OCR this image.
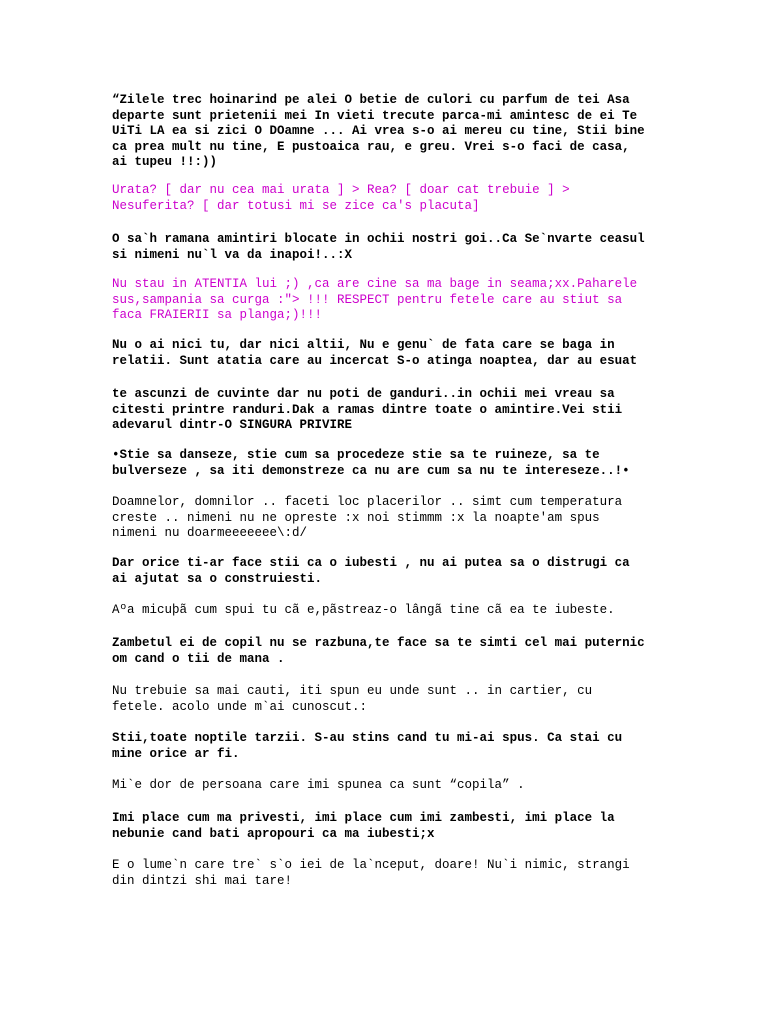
“Zilele trec hoinarind pe alei O betie de culori cu parfum de tei Asa
departe sunt prietenii mei In vieti trecute parca-mi amintesc de ei Te
UiTi LA ea si zici O DOamne ... Ai vrea s-o ai mereu cu tine, Stii bine
ca prea mult nu tine, E pustoaica rau, e greu. Vrei s-o faci de casa,
ai tupeu !!:))

Urata? [ dar nu cea mai urata ] > Rea? [ doar cat trebuie ] >
Nesuferita? [ dar totusi mi se zice ca's placuta]

O sa`h ramana amintiri blocate in ochii nostri goi..Ca Se`nvarte ceasul
si nimeni nu`l va da inapoi!..:X

Nu stau in ATENTIA lui ;) ,ca are cine sa ma bage in seama;xx.Paharele
sus,sampania sa curga :"> !!! RESPECT pentru fetele care au stiut sa
faca FRAIERII sa planga;)!!!

Nu o ai nici tu, dar nici altii, Nu e genu` de fata care se baga in
relatii. Sunt atatia care au incercat S-o atinga noaptea, dar au esuat

te ascunzi de cuvinte dar nu poti de ganduri..in ochii mei vreau sa
citesti printre randuri.Dak a ramas dintre toate o amintire.Vei stii
adevarul dintr-O SINGURA PRIVIRE

•Stie sa danseze, stie cum sa procedeze stie sa te ruineze, sa te
bulverseze , sa iti demonstreze ca nu are cum sa nu te intereseze..!•

Doamnelor, domnilor .. faceti loc placerilor .. simt cum temperatura
creste .. nimeni nu ne opreste :x noi stimmm :x la noapte'am spus
nimeni nu doarmeeeeeee\:d/

Dar orice ti-ar face stii ca o iubesti , nu ai putea sa o distrugi ca
ai ajutat sa o construiesti.

Aºa micuþã cum spui tu cã e,pãstreaz-o lângã tine cã ea te iubeste.

Zambetul ei de copil nu se razbuna,te face sa te simti cel mai puternic
om cand o tii de mana .

Nu trebuie sa mai cauti, iti spun eu unde sunt .. in cartier, cu
fetele. acolo unde m`ai cunoscut.:

Stii,toate noptile tarzii. S-au stins cand tu mi-ai spus. Ca stai cu
mine orice ar fi.

Mi`e dor de persoana care imi spunea ca sunt “copila” .

Imi place cum ma privesti, imi place cum imi zambesti, imi place la
nebunie cand bati apropouri ca ma iubesti;x

E o lume`n care tre` s`o iei de la`nceput, doare! Nu`i nimic, strangi
din dintzi shi mai tare!
